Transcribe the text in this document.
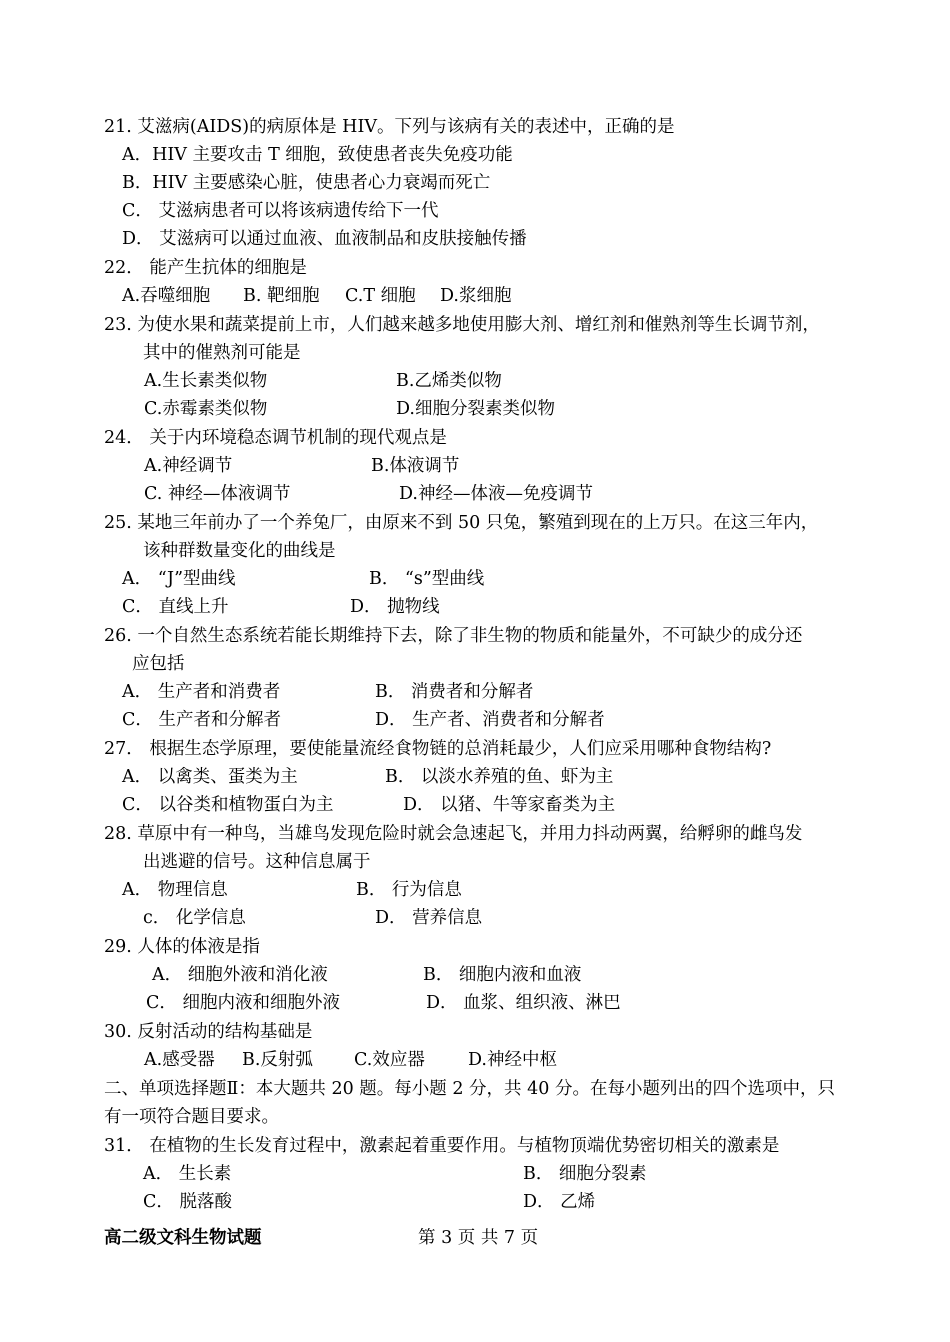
21. 艾滋病(AIDS)的病原体是 HIV。下列与该病有关的表述中，正确的是
A．HIV 主要攻击 T 细胞，致使患者丧失免疫功能
B．HIV 主要感染心脏，使患者心力衰竭而死亡
C． 艾滋病患者可以将该病遗传给下一代
D． 艾滋病可以通过血液、血液制品和皮肤接触传播
22． 能产生抗体的细胞是
A.吞噬细胞 B. 靶细胞 C.T 细胞 D.浆细胞
23. 为使水果和蔬菜提前上市，人们越来越多地使用膨大剂、增红剂和催熟剂等生长调节剂，
其中的催熟剂可能是
A.生长素类似物	B.乙烯类似物
C.赤霉素类似物	D.细胞分裂素类似物
24． 关于内环境稳态调节机制的现代观点是
A.神经调节	B.体液调节
C. 神经—体液调节	D.神经—体液—免疫调节
25. 某地三年前办了一个养兔厂，由原来不到 50 只兔，繁殖到现在的上万只。在这三年内，
该种群数量变化的曲线是
A． “J”型曲线	B． “s”型曲线
C． 直线上升	D． 抛物线
26. 一个自然生态系统若能长期维持下去，除了非生物的物质和能量外，不可缺少的成分还
应包括
A． 生产者和消费者	B． 消费者和分解者
C． 生产者和分解者	D． 生产者、消费者和分解者
27． 根据生态学原理，要使能量流经食物链的总消耗最少，人们应采用哪种食物结构?
A． 以禽类、蛋类为主	B． 以淡水养殖的鱼、虾为主
C． 以谷类和植物蛋白为主	D． 以猪、牛等家畜类为主
28. 草原中有一种鸟，当雄鸟发现危险时就会急速起飞，并用力抖动两翼，给孵卵的雌鸟发
出逃避的信号。这种信息属于
A． 物理信息	B． 行为信息
c． 化学信息	D． 营养信息
29. 人体的体液是指
A． 细胞外液和消化液	B． 细胞内液和血液
C． 细胞内液和细胞外液	D． 血浆、组织液、淋巴
30. 反射活动的结构基础是
A.感受器 B.反射弧 C.效应器 D.神经中枢
二、单项选择题Ⅱ：本大题共 20 题。每小题 2 分，共 40 分。在每小题列出的四个选项中，只
有一项符合题目要求。
31． 在植物的生长发育过程中，激素起着重要作用。与植物顶端优势密切相关的激素是
A． 生长素	B． 细胞分裂素
C． 脱落酸	D． 乙烯
高二级文科生物试题	第 3 页 共 7 页
